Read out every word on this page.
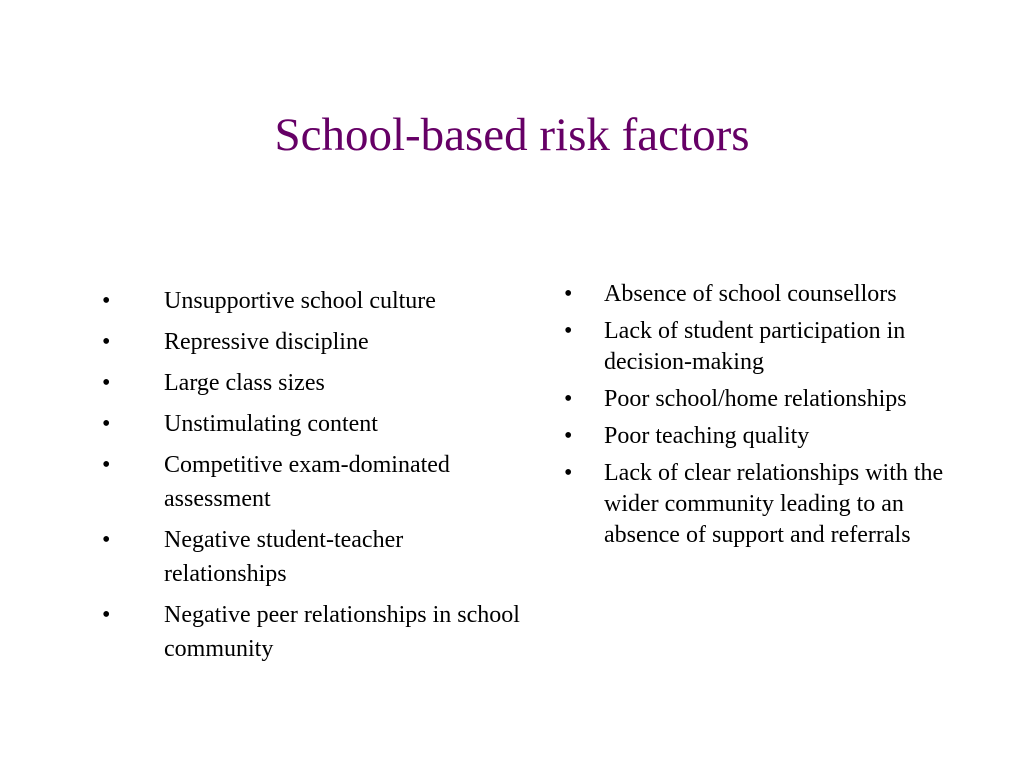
School-based risk factors
• Unsupportive school culture
• Repressive discipline
• Large class sizes
• Unstimulating content
• Competitive exam-dominated assessment
• Negative student-teacher relationships
• Negative peer relationships in school community
• Absence of school counsellors
• Lack of student participation in decision-making
• Poor school/home relationships
• Poor teaching quality
• Lack of clear relationships with the wider community leading to an absence of support and referrals
